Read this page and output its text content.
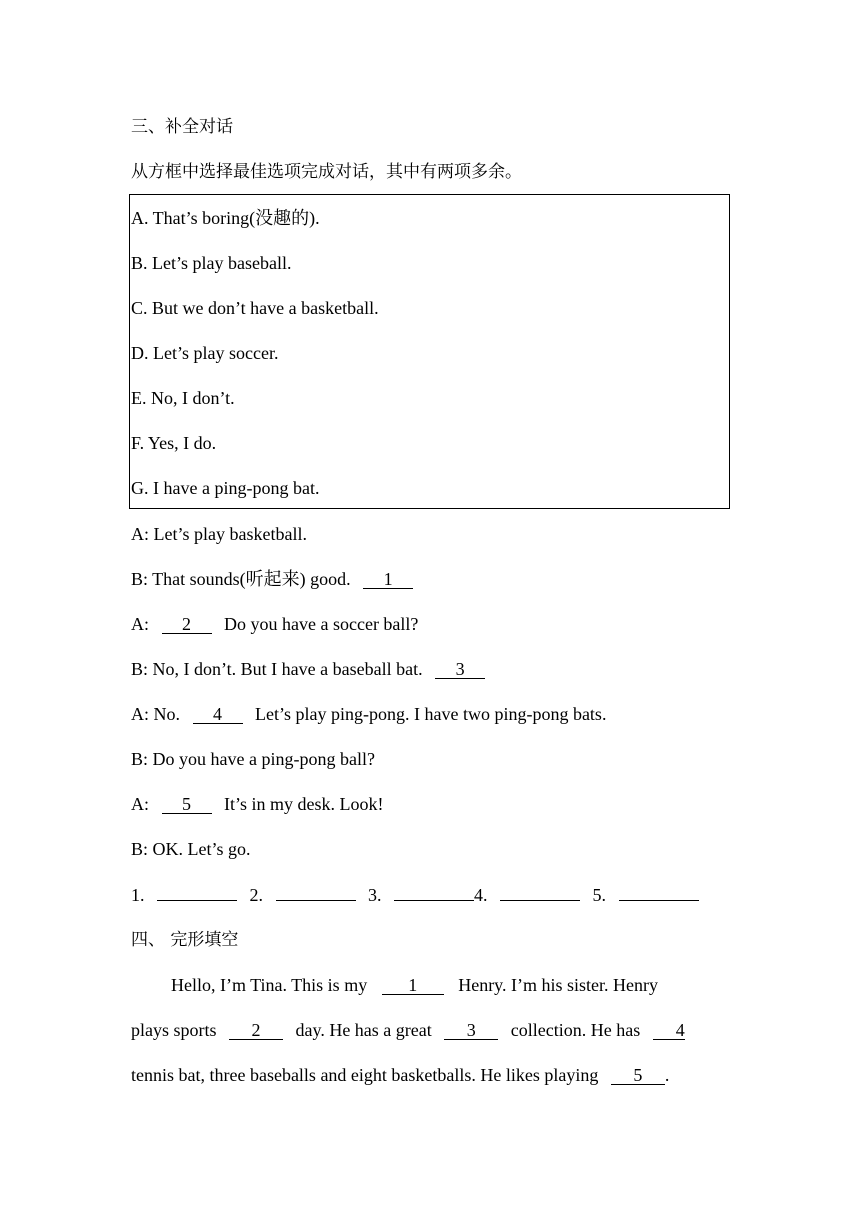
三、补全对话
从方框中选择最佳选项完成对话，其中有两项多余。
A. That’s boring(没趣的).
B. Let’s play baseball.
C. But we don’t have a basketball.
D. Let’s play soccer.
E. No, I don’t.
F. Yes, I do.
G. I have a ping-pong bat.
A: Let’s play basketball.
B: That sounds(听起来) good. 1
A: 2 Do you have a soccer ball?
B: No, I don’t. But I have a baseball bat. 3
A: No. 4 Let’s play ping-pong. I have two ping-pong bats.
B: Do you have a ping-pong ball?
A: 5 It’s in my desk. Look!
B: OK. Let’s go.
1.	2.	3.	4.	5.
四、 完形填空
Hello, I’m Tina. This is my 1 Henry. I’m his sister. Henry
plays sports 2 day. He has a great 3 collection. He has 4
tennis bat, three baseballs and eight basketballs. He likes playing 5 .
